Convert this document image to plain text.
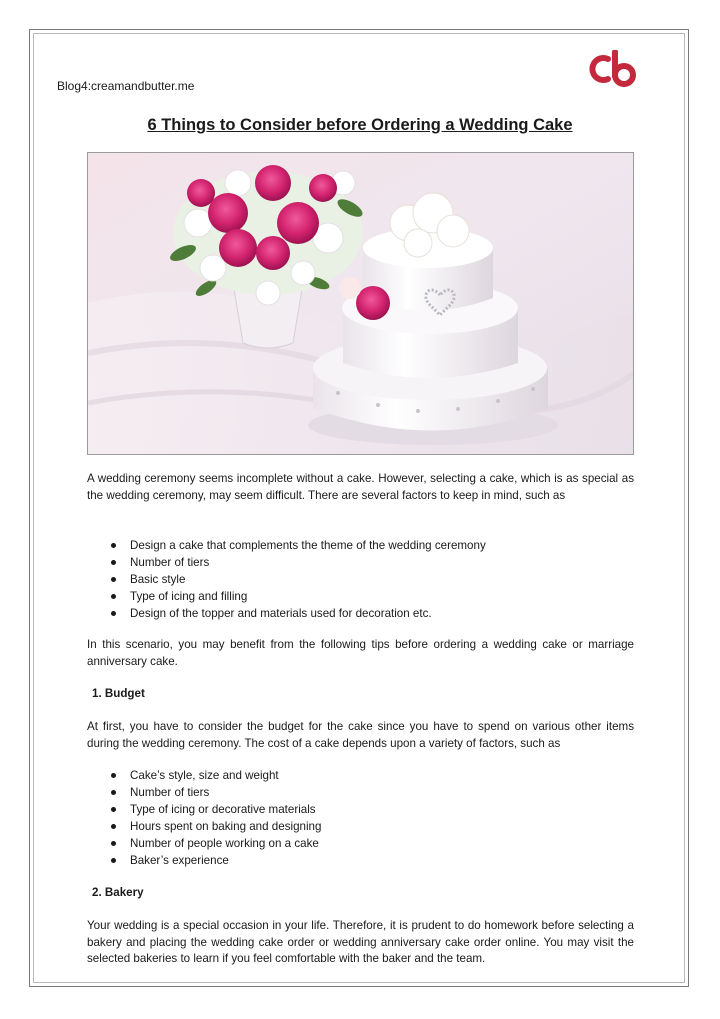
Blog4:creamandbutter.me
6 Things to Consider before Ordering a Wedding Cake

A wedding ceremony seems incomplete without a cake. However, selecting a cake, which is as special as the wedding ceremony, may seem difficult. There are several factors to keep in mind, such as

Design a cake that complements the theme of the wedding ceremony
Number of tiers
Basic style
Type of icing and filling
Design of the topper and materials used for decoration etc.

In this scenario, you may benefit from the following tips before ordering a wedding cake or marriage anniversary cake.

1. Budget

At first, you have to consider the budget for the cake since you have to spend on various other items during the wedding ceremony. The cost of a cake depends upon a variety of factors, such as

Cake’s style, size and weight
Number of tiers
Type of icing or decorative materials
Hours spent on baking and designing
Number of people working on a cake
Baker’s experience
2. Bakery

Your wedding is a special occasion in your life. Therefore, it is prudent to do homework before selecting a bakery and placing the wedding cake order or wedding anniversary cake order online. You may visit the selected bakeries to learn if you feel comfortable with the baker and the team.
